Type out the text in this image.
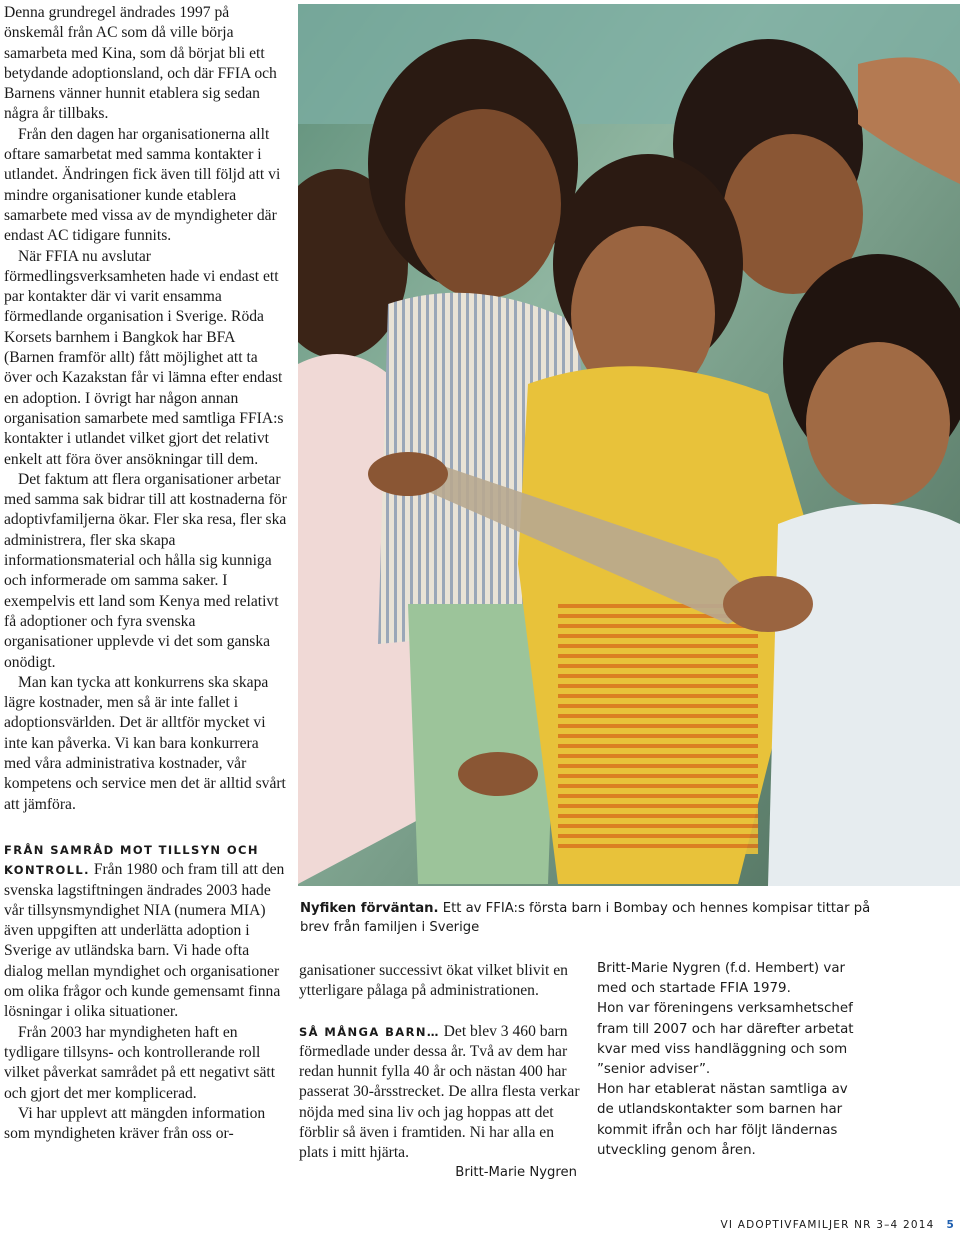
Denna grundregel ändrades 1997 på önskemål från AC som då ville börja samarbeta med Kina, som då börjat bli ett betydande adoptionsland, och där FFIA och Barnens vänner hunnit etablera sig sedan några år tillbaks.

Från den dagen har organisationerna allt oftare samarbetat med samma kontakter i utlandet. Ändringen fick även till följd att vi mindre organisationer kunde etablera samarbete med vissa av de myndigheter där endast AC tidigare funnits.

När FFIA nu avslutar förmedlingsverksamheten hade vi endast ett par kontakter där vi varit ensamma förmedlande organisation i Sverige. Röda Korsets barnhem i Bangkok har BFA (Barnen framför allt) fått möjlighet att ta över och Kazakstan får vi lämna efter endast en adoption. I övrigt har någon annan organisation samarbete med samtliga FFIA:s kontakter i utlandet vilket gjort det relativt enkelt att föra över ansökningar till dem.

Det faktum att flera organisationer arbetar med samma sak bidrar till att kostnaderna för adoptivfamiljerna ökar. Fler ska resa, fler ska administrera, fler ska skapa informationsmaterial och hålla sig kunniga och informerade om samma saker. I exempelvis ett land som Kenya med relativt få adoptioner och fyra svenska organisationer upplevde vi det som ganska onödigt.

Man kan tycka att konkurrens ska skapa lägre kostnader, men så är inte fallet i adoptionsvärlden. Det är alltför mycket vi inte kan påverka. Vi kan bara konkurrera med våra administrativa kostnader, vår kompetens och service men det är alltid svårt att jämföra.

FRÅN SAMRÅD MOT TILLSYN OCH KONTROLL. Från 1980 och fram till att den svenska lagstiftningen ändrades 2003 hade vår tillsynsmyndighet NIA (numera MIA) även uppgiften att underlätta adoption i Sverige av utländska barn. Vi hade ofta dialog mellan myndighet och organisationer om olika frågor och kunde gemensamt finna lösningar i olika situationer.

Från 2003 har myndigheten haft en tydligare tillsyns- och kontrollerande roll vilket påverkat samrådet på ett negativt sätt och gjort det mer komplicerad.

Vi har upplevt att mängden information som myndigheten kräver från oss or-

Nyfiken förväntan. Ett av FFIA:s första barn i Bombay och hennes kompisar tittar på brev från familjen i Sverige

ganisationer successivt ökat vilket blivit en ytterligare pålaga på administrationen.

SÅ MÅNGA BARN… Det blev 3 460 barn förmedlade under dessa år. Två av dem har redan hunnit fylla 40 år och nästan 400 har passerat 30-årsstrecket. De allra flesta verkar nöjda med sina liv och jag hoppas att det förblir så även i framtiden. Ni har alla en plats i mitt hjärta.

Britt-Marie Nygren

Britt-Marie Nygren (f.d. Hembert) var med och startade FFIA 1979.

Hon var föreningens verksamhetschef fram till 2007 och har därefter arbetat kvar med viss handläggning och som ”senior adviser”.

Hon har etablerat nästan samtliga av de utlandskontakter som barnen har kommit ifrån och har följt ländernas utveckling genom åren.

VI ADOPTIVFAMILJER NR 3–4 2014 5
